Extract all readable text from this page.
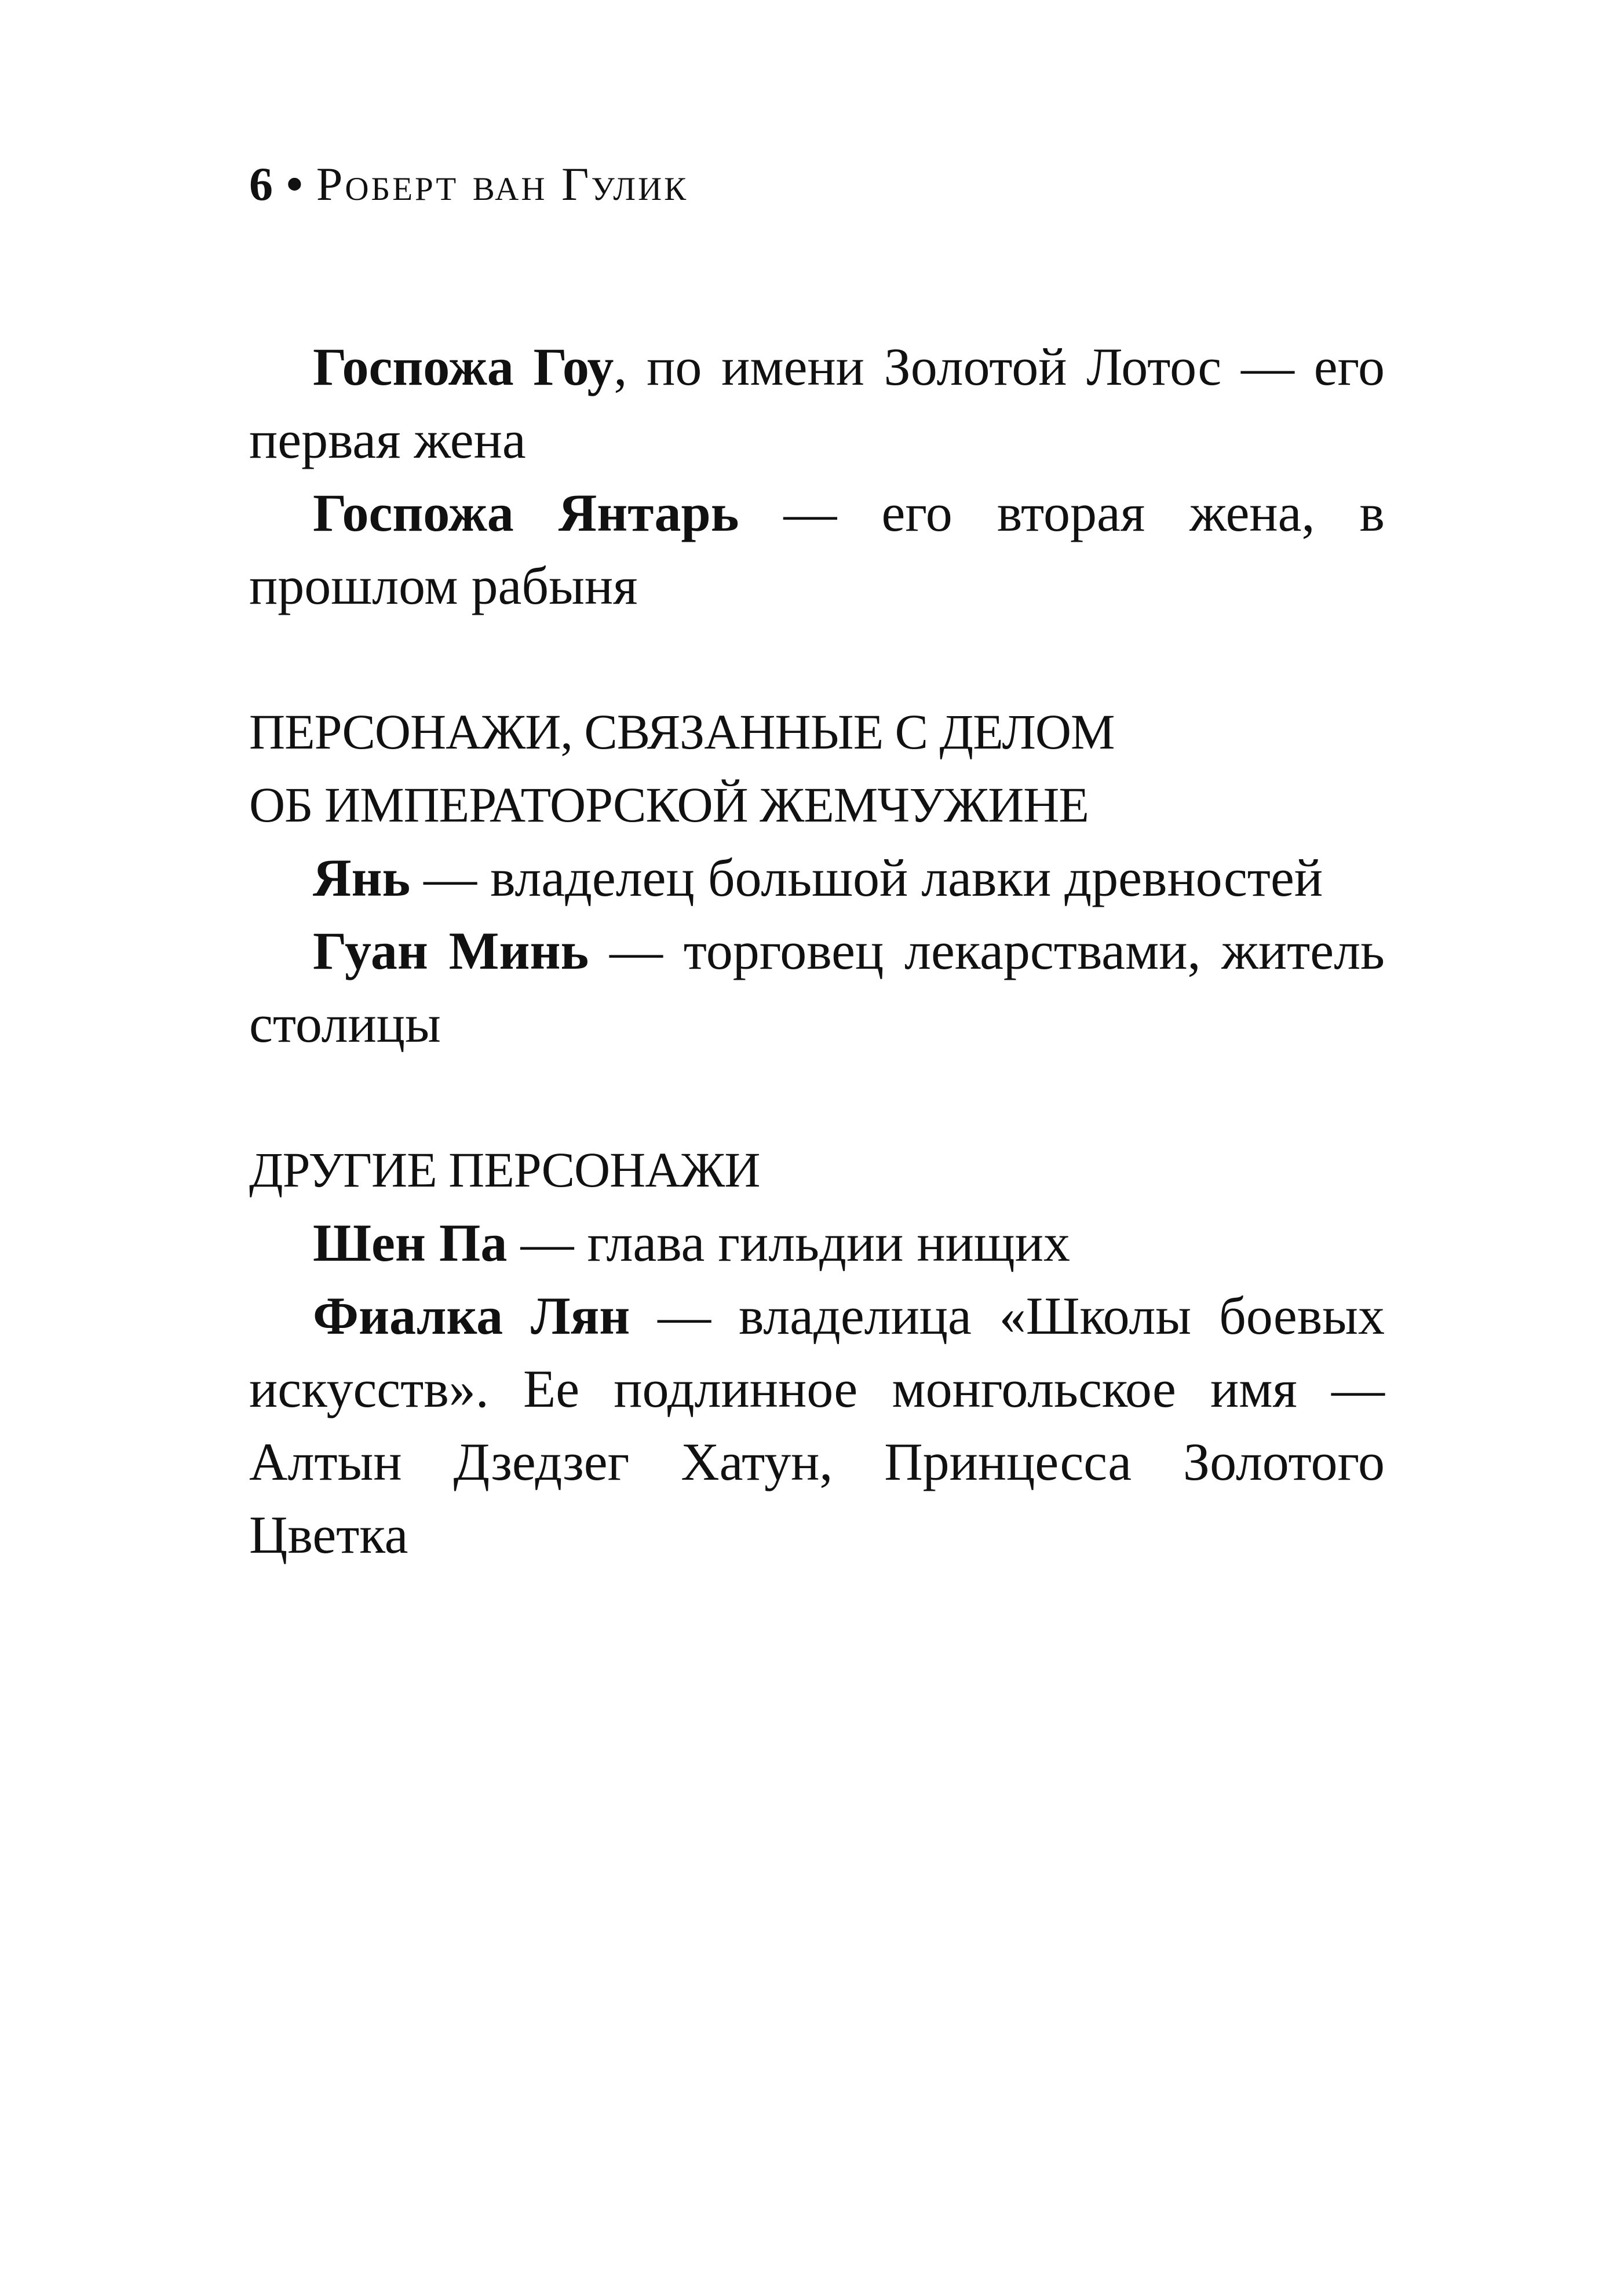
6 • Роберт ван Гулик

Госпожа Гоу, по имени Золотой Лотос — его первая жена

Госпожа Янтарь — его вторая жена, в прошлом рабыня

ПЕРСОНАЖИ, СВЯЗАННЫЕ С ДЕЛОМ

ОБ ИМПЕРАТОРСКОЙ ЖЕМЧУЖИНЕ

Янь — владелец большой лавки древностей

Гуан Минь — торговец лекарствами, житель столицы

ДРУГИЕ ПЕРСОНАЖИ

Шен Па — глава гильдии нищих

Фиалка Лян — владелица «Школы боевых искусств». Ее подлинное монгольское имя — Алтын Дзедзег Хатун, Принцесса Золотого Цветка
